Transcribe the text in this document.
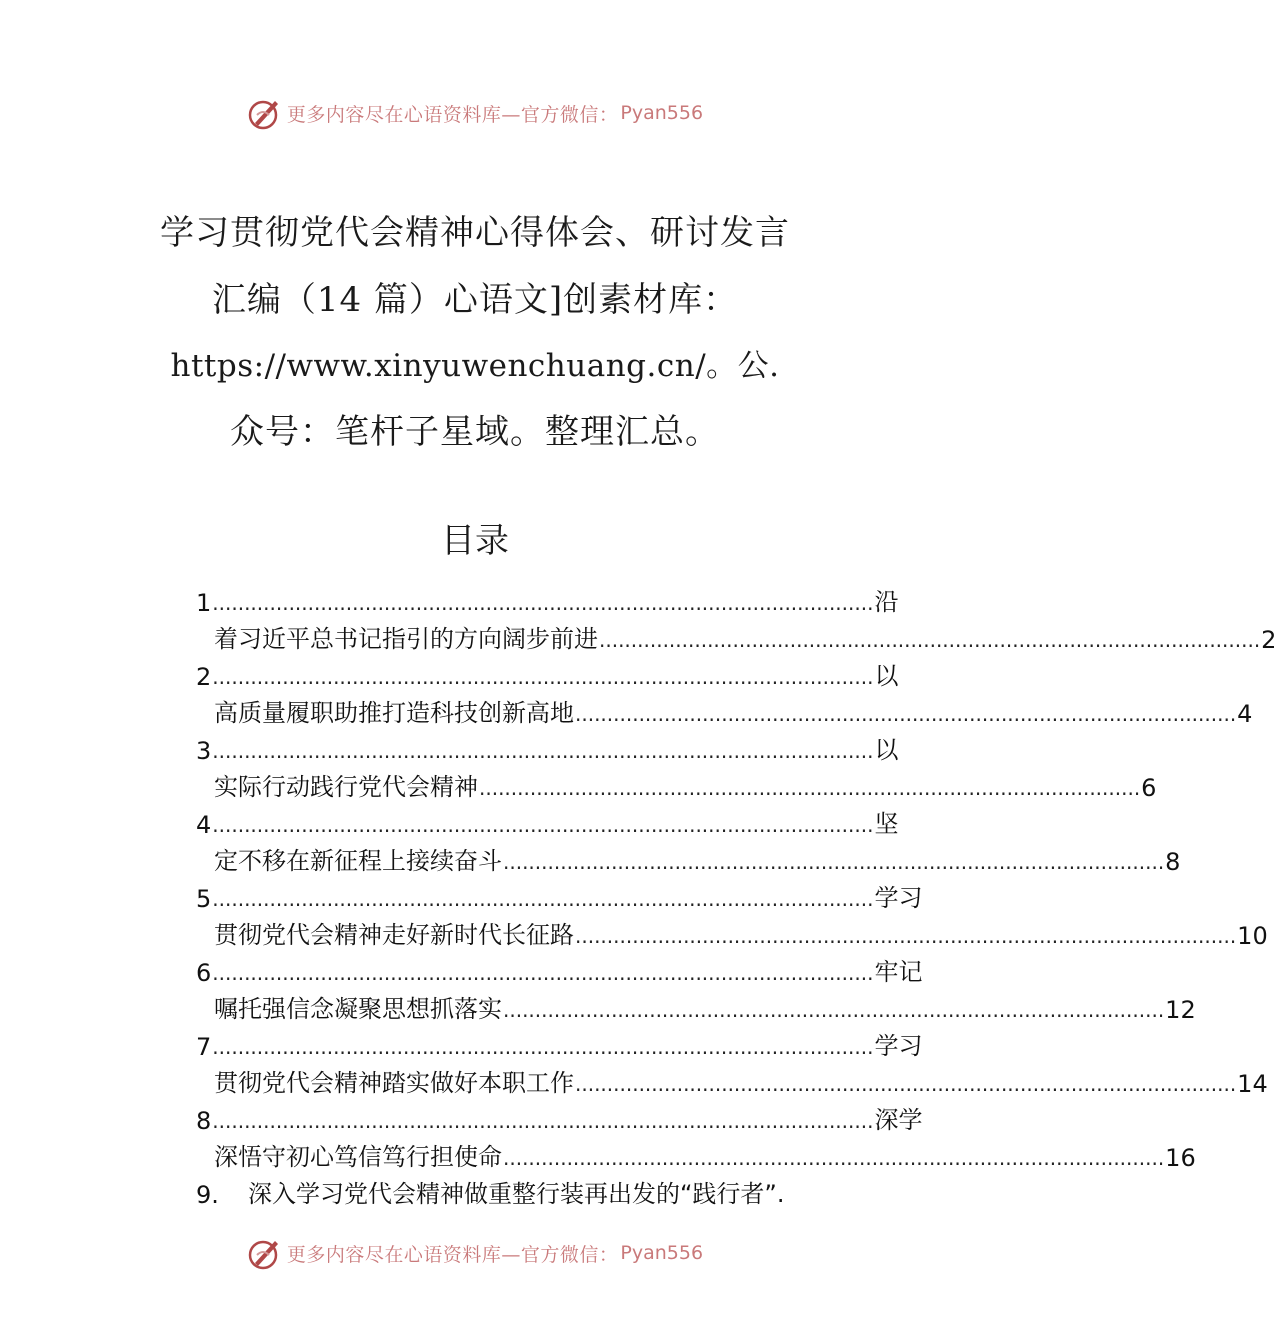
更多内容尽在心语资料库—官方微信： Pyan556
学习贯彻党代会精神心得体会、研讨发言
汇编（14 篇）心语文]创素材库：
https://www.xinyuwenchuang.cn/。公.
众号：笔杆子星域。整理汇总。
目录
1 ........................................................................................................ 沿
着习近平总书记指引的方向阔步前进 ........................................................................................................ 2
2 ........................................................................................................ 以
高质量履职助推打造科技创新高地 ........................................................................................................ 4
3 ........................................................................................................ 以
实际行动践行党代会精神 ........................................................................................................ 6
4 ........................................................................................................ 坚
定不移在新征程上接续奋斗 ........................................................................................................ 8
5 ........................................................................................................ 学习
贯彻党代会精神走好新时代长征路 ........................................................................................................ 10
6 ........................................................................................................ 牢记
嘱托强信念凝聚思想抓落实 ........................................................................................................ 12
7 ........................................................................................................ 学习
贯彻党代会精神踏实做好本职工作 ........................................................................................................ 14
8 ........................................................................................................ 深学
深悟守初心笃信笃行担使命 ........................................................................................................ 16
9.	深入学习党代会精神做重整行装再出发的“践行者”.
更多内容尽在心语资料库—官方微信： Pyan556
